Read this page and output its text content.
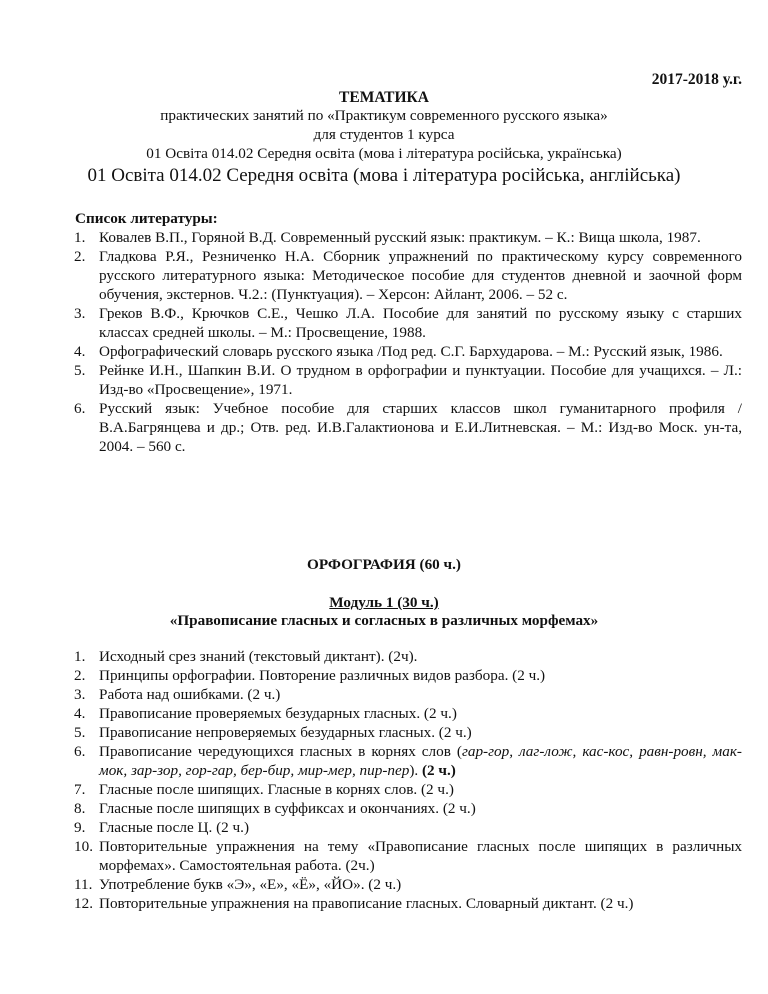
2017-2018 у.г.
ТЕМАТИКА
практических занятий по «Практикум современного русского языка»
для студентов 1 курса
01 Освіта 014.02 Середня освіта (мова і література російська, українська)
01 Освіта 014.02 Середня освіта (мова і література російська, англійська)
Список литературы:
1. Ковалев В.П., Горяной В.Д. Современный русский язык: практикум. – К.: Вища школа, 1987.
2. Гладкова Р.Я., Резниченко Н.А. Сборник упражнений по практическому курсу современного русского литературного языка: Методическое пособие для студентов дневной и заочной форм обучения, экстернов. Ч.2.: (Пунктуация). – Херсон: Айлант, 2006. – 52 с.
3. Греков В.Ф., Крючков С.Е., Чешко Л.А. Пособие для занятий по русскому языку с старших классах средней школы. – М.: Просвещение, 1988.
4. Орфографический словарь русского языка /Под ред. С.Г. Бархударова. – М.: Русский язык, 1986.
5. Рейнке И.Н., Шапкин В.И. О трудном в орфографии и пунктуации. Пособие для учащихся. – Л.: Изд-во «Просвещение», 1971.
6. Русский язык: Учебное пособие для старших классов школ гуманитарного профиля / В.А.Багрянцева и др.; Отв. ред. И.В.Галактионова и Е.И.Литневская. – М.: Изд-во Моск. ун-та, 2004. – 560 с.
ОРФОГРАФИЯ (60 ч.)
Модуль 1 (30 ч.)
«Правописание гласных и согласных в различных морфемах»
1. Исходный срез знаний (текстовый диктант). (2ч).
2. Принципы орфографии. Повторение различных видов разбора. (2 ч.)
3. Работа над ошибками. (2 ч.)
4. Правописание проверяемых безударных гласных. (2 ч.)
5. Правописание непроверяемых безударных гласных. (2 ч.)
6. Правописание чередующихся гласных в корнях слов (гар-гор, лаг-лож, кас-кос, равн-ровн, мак-мок, зар-зор, гор-гар, бер-бир, мир-мер, пир-пер). (2 ч.)
7. Гласные после шипящих. Гласные в корнях слов. (2 ч.)
8. Гласные после шипящих в суффиксах и окончаниях. (2 ч.)
9. Гласные после Ц. (2 ч.)
10. Повторительные упражнения на тему «Правописание гласных после шипящих в различных морфемах». Самостоятельная работа. (2ч.)
11. Употребление букв «Э», «Е», «Ё», «ЙО». (2 ч.)
12. Повторительные упражнения на правописание гласных. Словарный диктант. (2 ч.)
